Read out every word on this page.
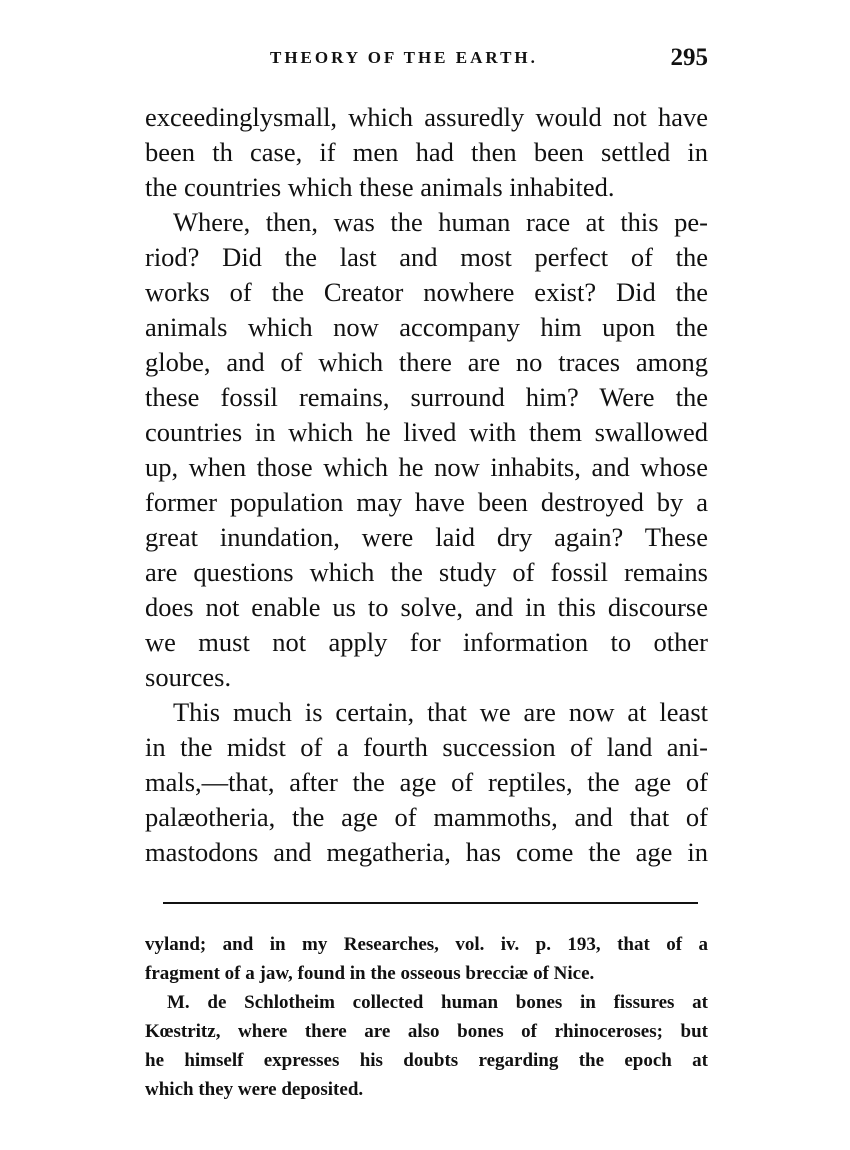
THEORY OF THE EARTH.	295
exceedinglysmall, which assuredly would not have
been th case, if men had then been settled in
the countries which these animals inhabited.
Where, then, was the human race at this pe-
riod? Did the last and most perfect of the
works of the Creator nowhere exist? Did the
animals which now accompany him upon the
globe, and of which there are no traces among
these fossil remains, surround him? Were the
countries in which he lived with them swallowed
up, when those which he now inhabits, and whose
former population may have been destroyed by a
great inundation, were laid dry again? These
are questions which the study of fossil remains
does not enable us to solve, and in this discourse
we must not apply for information to other
sources.
This much is certain, that we are now at least
in the midst of a fourth succession of land ani-
mals,—that, after the age of reptiles, the age of
palæotheria, the age of mammoths, and that of
mastodons and megatheria, has come the age in
vyland; and in my Researches, vol. iv. p. 193, that of a
fragment of a jaw, found in the osseous brecciæ of Nice.
M. de Schlotheim collected human bones in fissures at
Kœstritz, where there are also bones of rhinoceroses; but
he himself expresses his doubts regarding the epoch at
which they were deposited.
